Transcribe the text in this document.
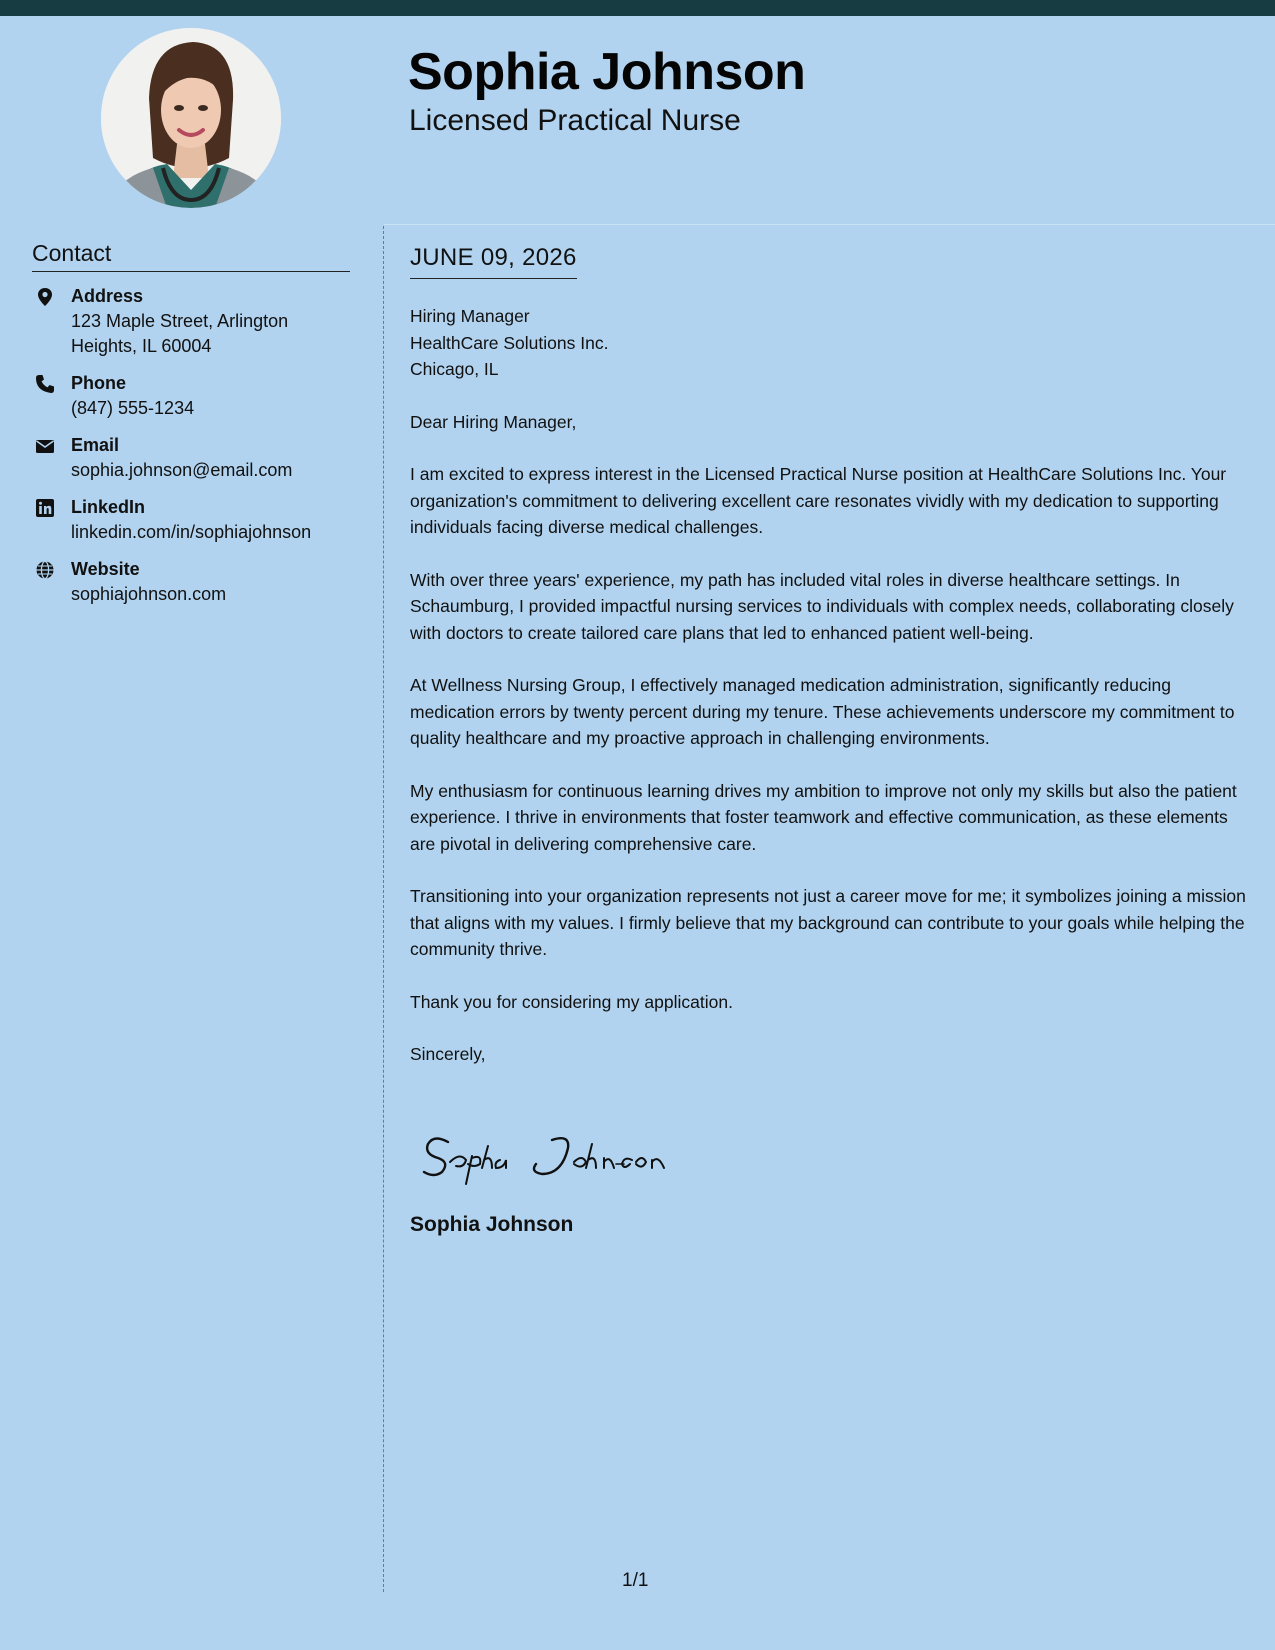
Sophia Johnson
Licensed Practical Nurse
Contact
Address
123 Maple Street, Arlington Heights, IL 60004
Phone
(847) 555-1234
Email
sophia.johnson@email.com
LinkedIn
linkedin.com/in/sophiajohnson
Website
sophiajohnson.com
JUNE 09, 2026
Hiring Manager
HealthCare Solutions Inc.
Chicago, IL

Dear Hiring Manager,

I am excited to express interest in the Licensed Practical Nurse position at HealthCare Solutions Inc. Your organization's commitment to delivering excellent care resonates vividly with my dedication to supporting individuals facing diverse medical challenges.

With over three years' experience, my path has included vital roles in diverse healthcare settings. In Schaumburg, I provided impactful nursing services to individuals with complex needs, collaborating closely with doctors to create tailored care plans that led to enhanced patient well-being.

At Wellness Nursing Group, I effectively managed medication administration, significantly reducing medication errors by twenty percent during my tenure. These achievements underscore my commitment to quality healthcare and my proactive approach in challenging environments.

My enthusiasm for continuous learning drives my ambition to improve not only my skills but also the patient experience. I thrive in environments that foster teamwork and effective communication, as these elements are pivotal in delivering comprehensive care.

Transitioning into your organization represents not just a career move for me; it symbolizes joining a mission that aligns with my values. I firmly believe that my background can contribute to your goals while helping the community thrive.

Thank you for considering my application.

Sincerely,

Sophia Johnson
1/1
